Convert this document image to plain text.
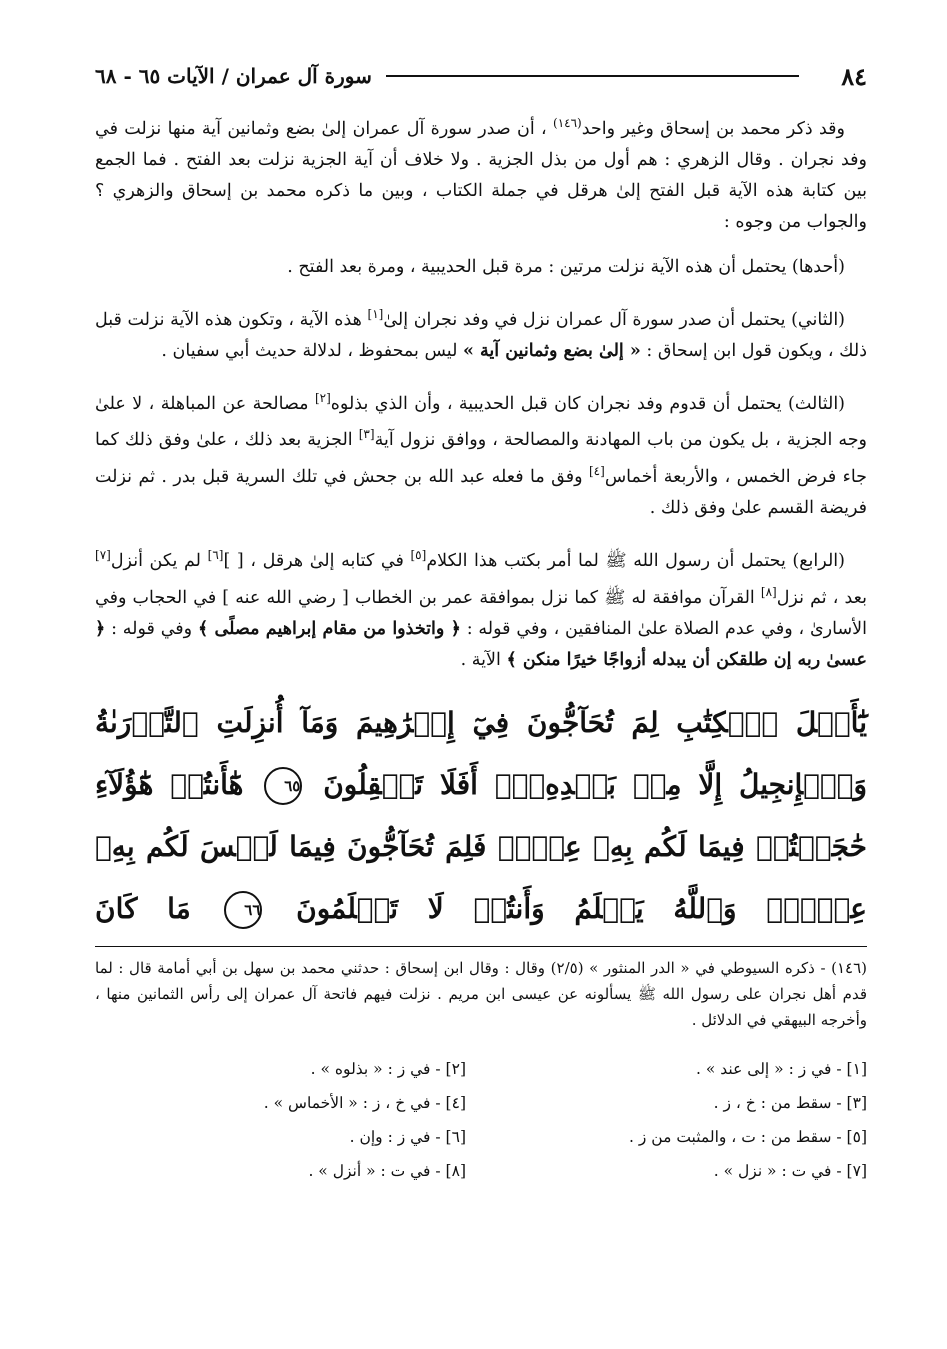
٨٤
سورة آل عمران / الآيات ٦٥ - ٦٨

وقد ذكر محمد بن إسحاق وغير واحد$^{(١٤٦)}$ ، أن صدر سورة آل عمران إلىٰ بضع وثمانين آية منها نزلت في وفد نجران . وقال الزهري : هم أول من بذل الجزية . ولا خلاف أن آية الجزية نزلت بعد الفتح . فما الجمع بين كتابة هذه الآية قبل الفتح إلىٰ هرقل في جملة الكتاب ، وبين ما ذكره محمد بن إسحاق والزهري ؟ والجواب من وجوه :

(أحدها) يحتمل أن هذه الآية نزلت مرتين : مرة قبل الحديبية ، ومرة بعد الفتح .

(الثاني) يحتمل أن صدر سورة آل عمران نزل في وفد نجران إلىٰ[١] هذه الآية ، وتكون هذه الآية نزلت قبل ذلك ، ويكون قول ابن إسحاق : « إلىٰ بضع وثمانين آية » ليس بمحفوظ ، لدلالة حديث أبي سفيان .

(الثالث) يحتمل أن قدوم وفد نجران كان قبل الحديبية ، وأن الذي بذلوه[٢] مصالحة عن المباهلة ، لا علىٰ وجه الجزية ، بل يكون من باب المهادنة والمصالحة ، ووافق نزول آية[٣] الجزية بعد ذلك ، علىٰ وفق ذلك كما جاء فرض الخمس ، والأربعة أخماس[٤] وفق ما فعله عبد الله بن جحش في تلك السرية قبل بدر . ثم نزلت فريضة القسم علىٰ وفق ذلك .

(الرابع) يحتمل أن رسول الله ﷺ لما أمر بكتب هذا الكلام[٥] في كتابه إلىٰ هرقل ، [ ][٦] لم يكن أنزل[٧] بعد ، ثم نزل[٨] القرآن موافقة له ﷺ كما نزل بموافقة عمر بن الخطاب [ رضي الله عنه ] في الحجاب وفي الأسارىٰ ، وفي عدم الصلاة علىٰ المنافقين ، وفي قوله : ﴿ واتخذوا من مقام إبراهيم مصلًى ﴾ وفي قوله : ﴿ عسىٰ ربه إن طلقكن أن يبدله أزواجًا خيرًا منكن ﴾ الآية .

يَٰٓأَهۡلَ ٱلۡكِتَٰبِ لِمَ تُحَآجُّونَ فِيٓ إِبۡرَٰهِيمَ وَمَآ أُنزِلَتِ ٱلتَّوۡرَىٰةُ وَٱلۡإِنجِيلُ إِلَّا مِنۢ بَعۡدِهِۦٓۚ أَفَلَا تَعۡقِلُونَ ٦٥ هَٰٓأَنتُمۡ هَٰٓؤُلَآءِ حَٰجَجۡتُمۡ فِيمَا لَكُم بِهِۦ عِلۡمٞ فَلِمَ تُحَآجُّونَ فِيمَا لَيۡسَ لَكُم بِهِۦ عِلۡمٞۚ وَٱللَّهُ يَعۡلَمُ وَأَنتُمۡ لَا تَعۡلَمُونَ ٦٦ مَا كَانَ

(١٤٦) - ذكره السيوطي في « الدر المنثور » (٢/٥) وقال : وقال ابن إسحاق : حدثني محمد بن سهل بن أبي أمامة قال : لما قدم أهل نجران على رسول الله ﷺ يسألونه عن عيسى ابن مريم . نزلت فيهم فاتحة آل عمران إلى رأس الثمانين منها ، وأخرجه البيهقي في الدلائل .

[١] - في ز : « إلى عند » .
[٢] - في ز : « بذلوه » .
[٣] - سقط من : خ ، ز .
[٤] - في خ ، ز : « الأخماس » .
[٥] - سقط من : ت ، والمثبت من ز .
[٦] - في ز : وإن .
[٧] - في ت : « نزل » .
[٨] - في ت : « أنزل » .
